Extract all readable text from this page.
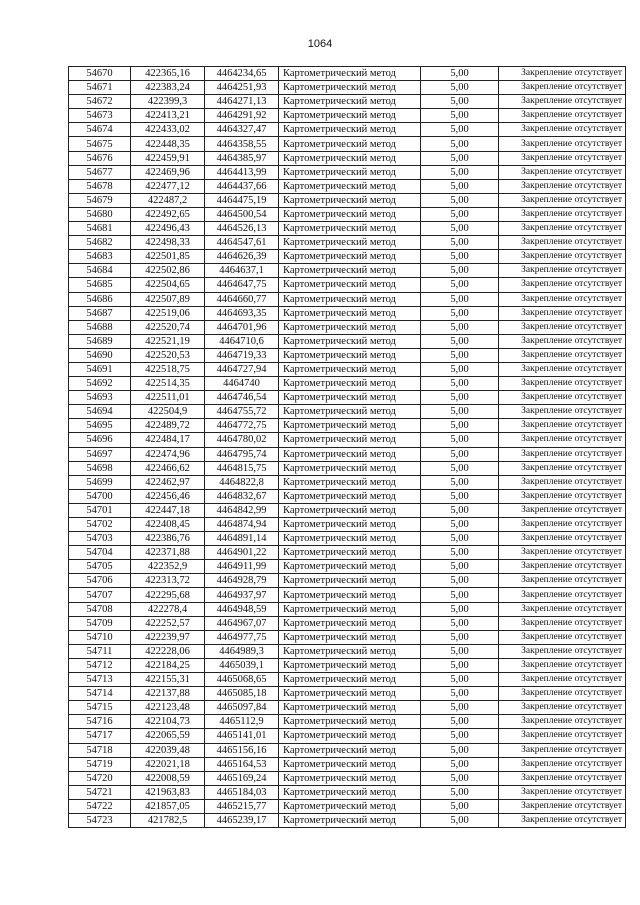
1064
54670	422365,16	4464234,65	Картометрический метод	5,00	Закрепление отсутствует
54671	422383,24	4464251,93	Картометрический метод	5,00	Закрепление отсутствует
54672	422399,3	4464271,13	Картометрический метод	5,00	Закрепление отсутствует
54673	422413,21	4464291,92	Картометрический метод	5,00	Закрепление отсутствует
54674	422433,02	4464327,47	Картометрический метод	5,00	Закрепление отсутствует
54675	422448,35	4464358,55	Картометрический метод	5,00	Закрепление отсутствует
54676	422459,91	4464385,97	Картометрический метод	5,00	Закрепление отсутствует
54677	422469,96	4464413,99	Картометрический метод	5,00	Закрепление отсутствует
54678	422477,12	4464437,66	Картометрический метод	5,00	Закрепление отсутствует
54679	422487,2	4464475,19	Картометрический метод	5,00	Закрепление отсутствует
54680	422492,65	4464500,54	Картометрический метод	5,00	Закрепление отсутствует
54681	422496,43	4464526,13	Картометрический метод	5,00	Закрепление отсутствует
54682	422498,33	4464547,61	Картометрический метод	5,00	Закрепление отсутствует
54683	422501,85	4464626,39	Картометрический метод	5,00	Закрепление отсутствует
54684	422502,86	4464637,1	Картометрический метод	5,00	Закрепление отсутствует
54685	422504,65	4464647,75	Картометрический метод	5,00	Закрепление отсутствует
54686	422507,89	4464660,77	Картометрический метод	5,00	Закрепление отсутствует
54687	422519,06	4464693,35	Картометрический метод	5,00	Закрепление отсутствует
54688	422520,74	4464701,96	Картометрический метод	5,00	Закрепление отсутствует
54689	422521,19	4464710,6	Картометрический метод	5,00	Закрепление отсутствует
54690	422520,53	4464719,33	Картометрический метод	5,00	Закрепление отсутствует
54691	422518,75	4464727,94	Картометрический метод	5,00	Закрепление отсутствует
54692	422514,35	4464740	Картометрический метод	5,00	Закрепление отсутствует
54693	422511,01	4464746,54	Картометрический метод	5,00	Закрепление отсутствует
54694	422504,9	4464755,72	Картометрический метод	5,00	Закрепление отсутствует
54695	422489,72	4464772,75	Картометрический метод	5,00	Закрепление отсутствует
54696	422484,17	4464780,02	Картометрический метод	5,00	Закрепление отсутствует
54697	422474,96	4464795,74	Картометрический метод	5,00	Закрепление отсутствует
54698	422466,62	4464815,75	Картометрический метод	5,00	Закрепление отсутствует
54699	422462,97	4464822,8	Картометрический метод	5,00	Закрепление отсутствует
54700	422456,46	4464832,67	Картометрический метод	5,00	Закрепление отсутствует
54701	422447,18	4464842,99	Картометрический метод	5,00	Закрепление отсутствует
54702	422408,45	4464874,94	Картометрический метод	5,00	Закрепление отсутствует
54703	422386,76	4464891,14	Картометрический метод	5,00	Закрепление отсутствует
54704	422371,88	4464901,22	Картометрический метод	5,00	Закрепление отсутствует
54705	422352,9	4464911,99	Картометрический метод	5,00	Закрепление отсутствует
54706	422313,72	4464928,79	Картометрический метод	5,00	Закрепление отсутствует
54707	422295,68	4464937,97	Картометрический метод	5,00	Закрепление отсутствует
54708	422278,4	4464948,59	Картометрический метод	5,00	Закрепление отсутствует
54709	422252,57	4464967,07	Картометрический метод	5,00	Закрепление отсутствует
54710	422239,97	4464977,75	Картометрический метод	5,00	Закрепление отсутствует
54711	422228,06	4464989,3	Картометрический метод	5,00	Закрепление отсутствует
54712	422184,25	4465039,1	Картометрический метод	5,00	Закрепление отсутствует
54713	422155,31	4465068,65	Картометрический метод	5,00	Закрепление отсутствует
54714	422137,88	4465085,18	Картометрический метод	5,00	Закрепление отсутствует
54715	422123,48	4465097,84	Картометрический метод	5,00	Закрепление отсутствует
54716	422104,73	4465112,9	Картометрический метод	5,00	Закрепление отсутствует
54717	422065,59	4465141,01	Картометрический метод	5,00	Закрепление отсутствует
54718	422039,48	4465156,16	Картометрический метод	5,00	Закрепление отсутствует
54719	422021,18	4465164,53	Картометрический метод	5,00	Закрепление отсутствует
54720	422008,59	4465169,24	Картометрический метод	5,00	Закрепление отсутствует
54721	421963,83	4465184,03	Картометрический метод	5,00	Закрепление отсутствует
54722	421857,05	4465215,77	Картометрический метод	5,00	Закрепление отсутствует
54723	421782,5	4465239,17	Картометрический метод	5,00	Закрепление отсутствует
